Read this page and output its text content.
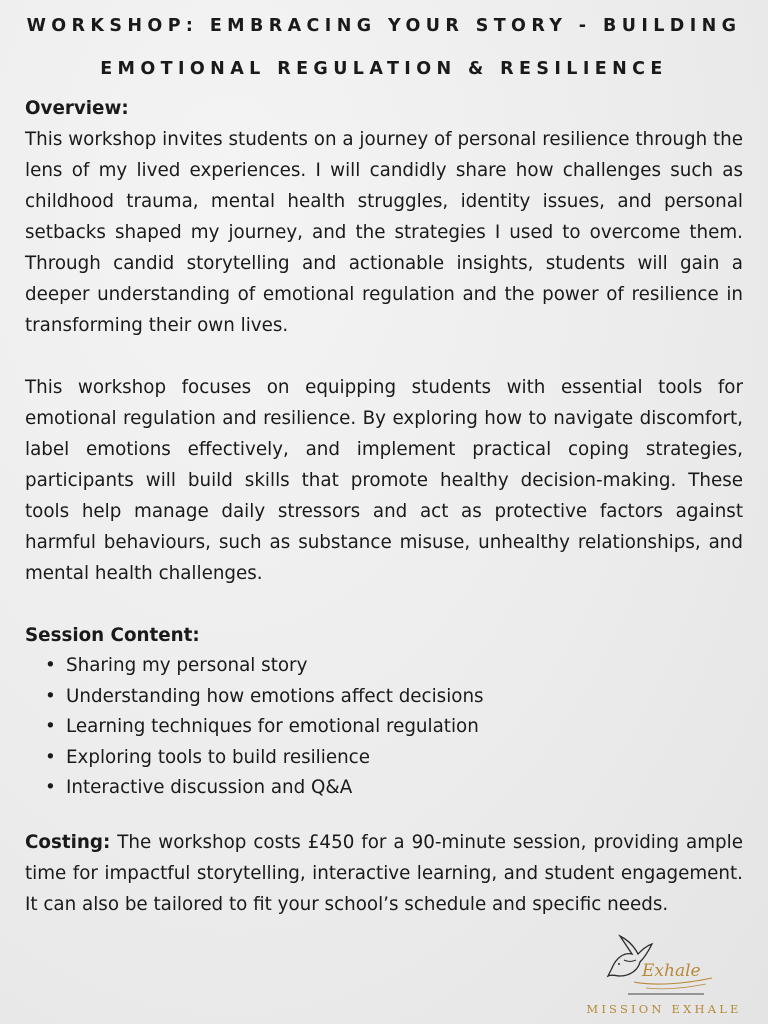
WORKSHOP: EMBRACING YOUR STORY - BUILDING
EMOTIONAL REGULATION & RESILIENCE

Overview:

This workshop invites students on a journey of personal resilience through the lens of my lived experiences. I will candidly share how challenges such as childhood trauma, mental health struggles, identity issues, and personal setbacks shaped my journey, and the strategies I used to overcome them. Through candid storytelling and actionable insights, students will gain a deeper understanding of emotional regulation and the power of resilience in transforming their own lives.

This workshop focuses on equipping students with essential tools for emotional regulation and resilience. By exploring how to navigate discomfort, label emotions effectively, and implement practical coping strategies, participants will build skills that promote healthy decision-making. These tools help manage daily stressors and act as protective factors against harmful behaviours, such as substance misuse, unhealthy relationships, and mental health challenges.

Session Content:

• Sharing my personal story
• Understanding how emotions affect decisions
• Learning techniques for emotional regulation
• Exploring tools to build resilience
• Interactive discussion and Q&A

Costing: The workshop costs £450 for a 90-minute session, providing ample time for impactful storytelling, interactive learning, and student engagement. It can also be tailored to fit your school’s schedule and specific needs.

Exhale
MISSION EXHALE
